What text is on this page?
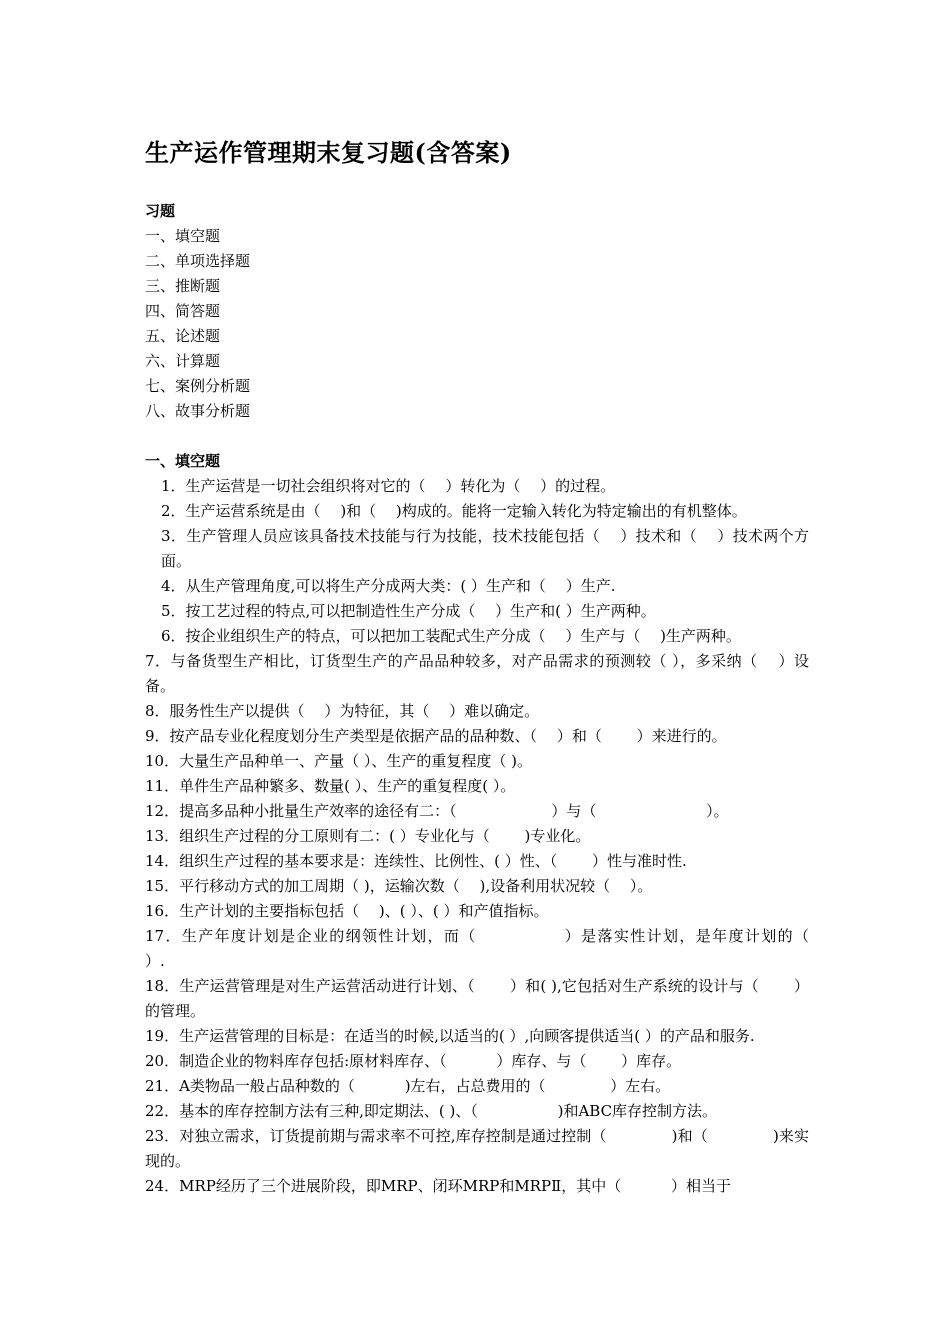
生产运作管理期末复习题(含答案)
习题
一、填空题
二、单项选择题
三、推断题
四、简答题
五、论述题
六、计算题
七、案例分析题
八、故事分析题
一、填空题
1．生产运营是一切社会组织将对它的（　 ）转化为（　 ）的过程。
2．生产运营系统是由（　 )和（　 )构成的。能将一定输入转化为特定输出的有机整体。
3．生产管理人员应该具备技术技能与行为技能，技术技能包括（　 ）技术和（　 ）技术两个方面。
4．从生产管理角度,可以将生产分成两大类：( ）生产和（　 ）生产.
5．按工艺过程的特点,可以把制造性生产分成（　 ）生产和( ）生产两种。
6．按企业组织生产的特点，可以把加工装配式生产分成（　 ）生产与（　 )生产两种。
7．与备货型生产相比，订货型生产的产品品种较多，对产品需求的预测较（ ），多采纳（　 ）设备。
8．服务性生产以提供（　 ）为特征，其（　 ）难以确定。
9．按产品专业化程度划分生产类型是依据产品的品种数、（　 ）和（　　 ）来进行的。
10．大量生产品种单一、产量（ ）、生产的重复程度（ )。
11．单件生产品种繁多、数量( ）、生产的重复程度( ）。
12．提高多品种小批量生产效率的途径有二：（　　　　　　 ）与（　　　　　　　 ）。
13．组织生产过程的分工原则有二：( ）专业化与（　　 )专业化。
14．组织生产过程的基本要求是：连续性、比例性、( ）性、（　　 ）性与准时性.
15．平行移动方式的加工周期（ )，运输次数（　 ),设备利用状况较（　 ）。
16．生产计划的主要指标包括（　 )、( ）、( ）和产值指标。
17．生产年度计划是企业的纲领性计划，而（　　　　　 ）是落实性计划，是年度计划的（　　　 ）.
18．生产运营管理是对生产运营活动进行计划、（　　 ）和( ),它包括对生产系统的设计与（　　 ）的管理。
19．生产运营管理的目标是：在适当的时候,以适当的( ）,向顾客提供适当( ）的产品和服务.
20．制造企业的物料库存包括:原材料库存、（　　　 ）库存、与（　　 ）库存。
21．A类物品一般占品种数的（　　　 )左右，占总费用的（　　　　 ）左右。
22．基本的库存控制方法有三种,即定期法、( )、（　　　　　 )和ABC库存控制方法。
23．对独立需求，订货提前期与需求率不可控,库存控制是通过控制（　　　　 )和（　　　　 )来实现的。
24．MRP经历了三个进展阶段，即MRP、闭环MRP和MRPⅡ，其中（　　　 ）相当于
